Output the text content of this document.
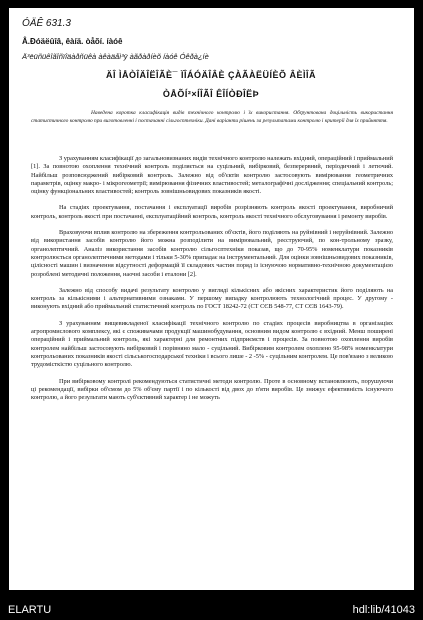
ÓÄÊ 631.3
Â.Ðóäëûîâ, êàíä. òåõí. íàóê
Ä³ëüñüêîãîñïîäàðñüêà àêàäåì³ÿ àãðàðíèõ íàóê Óêðà¿íè
ÄÎ ÌÅÒÎÄÎËÎÃÈ¯ ÏÎÁÓÄÎÂÈ ÇÀÃÀËÜÍÈÕ ÂÈÌÎÃ
ÒÅÕÍ²×ÍÎÃÎ ÊÎÍÒÐÎËÞ

Наведена коротка класифікація видів технічного контролю і їх використання. Обґрунтована доцільність використання статистичного контролю при виготовленні і постачанні сільгосптехніки. Дані варіанти рішень за результатами контролю і критерії для їх прийняття.

З урахуванням класифікації до загальновизнаних видів технічного контролю належать вхідний, операційний і приймальний [1]. За повнотою охоплення технічний контроль поділяється на суцільний, вибірковий, безперервний, періодичний і летючий. Найбільш розповсюджений вибірковий контроль. Залежно від об'єктів контролю застосовують вимірювання геометричних параметрів, оцінку макро- і мікрогеометрії; вимірювання фізичних властивостей; металографічні дослідження; спеціальний контроль; оцінку функціональних властивостей; контроль зовнішньовидових показників якості.

На стадіях проектування, постачання і експлуатації виробів розрізняють контроль якості проектування, виробничий контроль, контроль якості при постачанні, експлуатаційний контроль, контроль якості технічного обслуговування і ремонту виробів.

Враховуючи вплив контролю на збереження контрольованих об'єктів, його поділяють на руйнівний і неруйнівний. Залежно від використання засобів контролю його можна розподілити на вимірювальний, реєструючий, по кон-трольному зразку, органолептичний. Аналіз використання засобів контролю сільгосптехніки показав, що до 70-95% номенклатури показників контролюється органолептичними методами і тільки 5-30% припадає на інструментальний. Для оцінки зовнішньовидових показників, цілісності машин і визначення відсутності деформацій її складових частин поряд із існуючою нормативно-технічною документацією розроблені методичні положення, наочні засоби і еталони [2].

Залежно від способу видачі результату контролю у вигляді кількісних або якісних характеристик його поділяють на контроль за кількісними і альтернативними ознаками. У першому випадку контролюють технологічний процес. У другому - виконують вхідний або приймальний статистичний контроль по ГОСТ 18242-72 (СТ СЄВ 548-77, СТ СЄВ 1643-79).

З урахуванням вищевикладеної класифікації технічного контролю по стадіях процесів виробництва в організаціях агропромислового комплексу, які є споживачами продукції машинобудування, основним видом контролю є вхідний. Менш поширені операційний і приймальний контроль, які характерні для ремонтних підприємств і процесів. За повнотою охоплення виробів контролем найбільш застосовують вибірковий і порівняно мало - суцільний. Вибірковим контролем охоплено 95-98% номенклатури контрольованих показників якості сільськогосподарської техніки і всього лише - 2 -5% - суцільним контролем. Це пов'язано з великою трудомісткістю суцільного контролю.

При вибірковому контролі рекомендуються статистичні методи контролю. Проте в основному встановлюють, порушуючи ці рекомендації, вибірки об'ємом до 5% об'єму партії і по кількості від двох до п'яти виробів. Це знижує ефективність існуючого контролю, а його результати мають суб'єктивний характер і не можуть

ELARTU	hdl:lib/41043
